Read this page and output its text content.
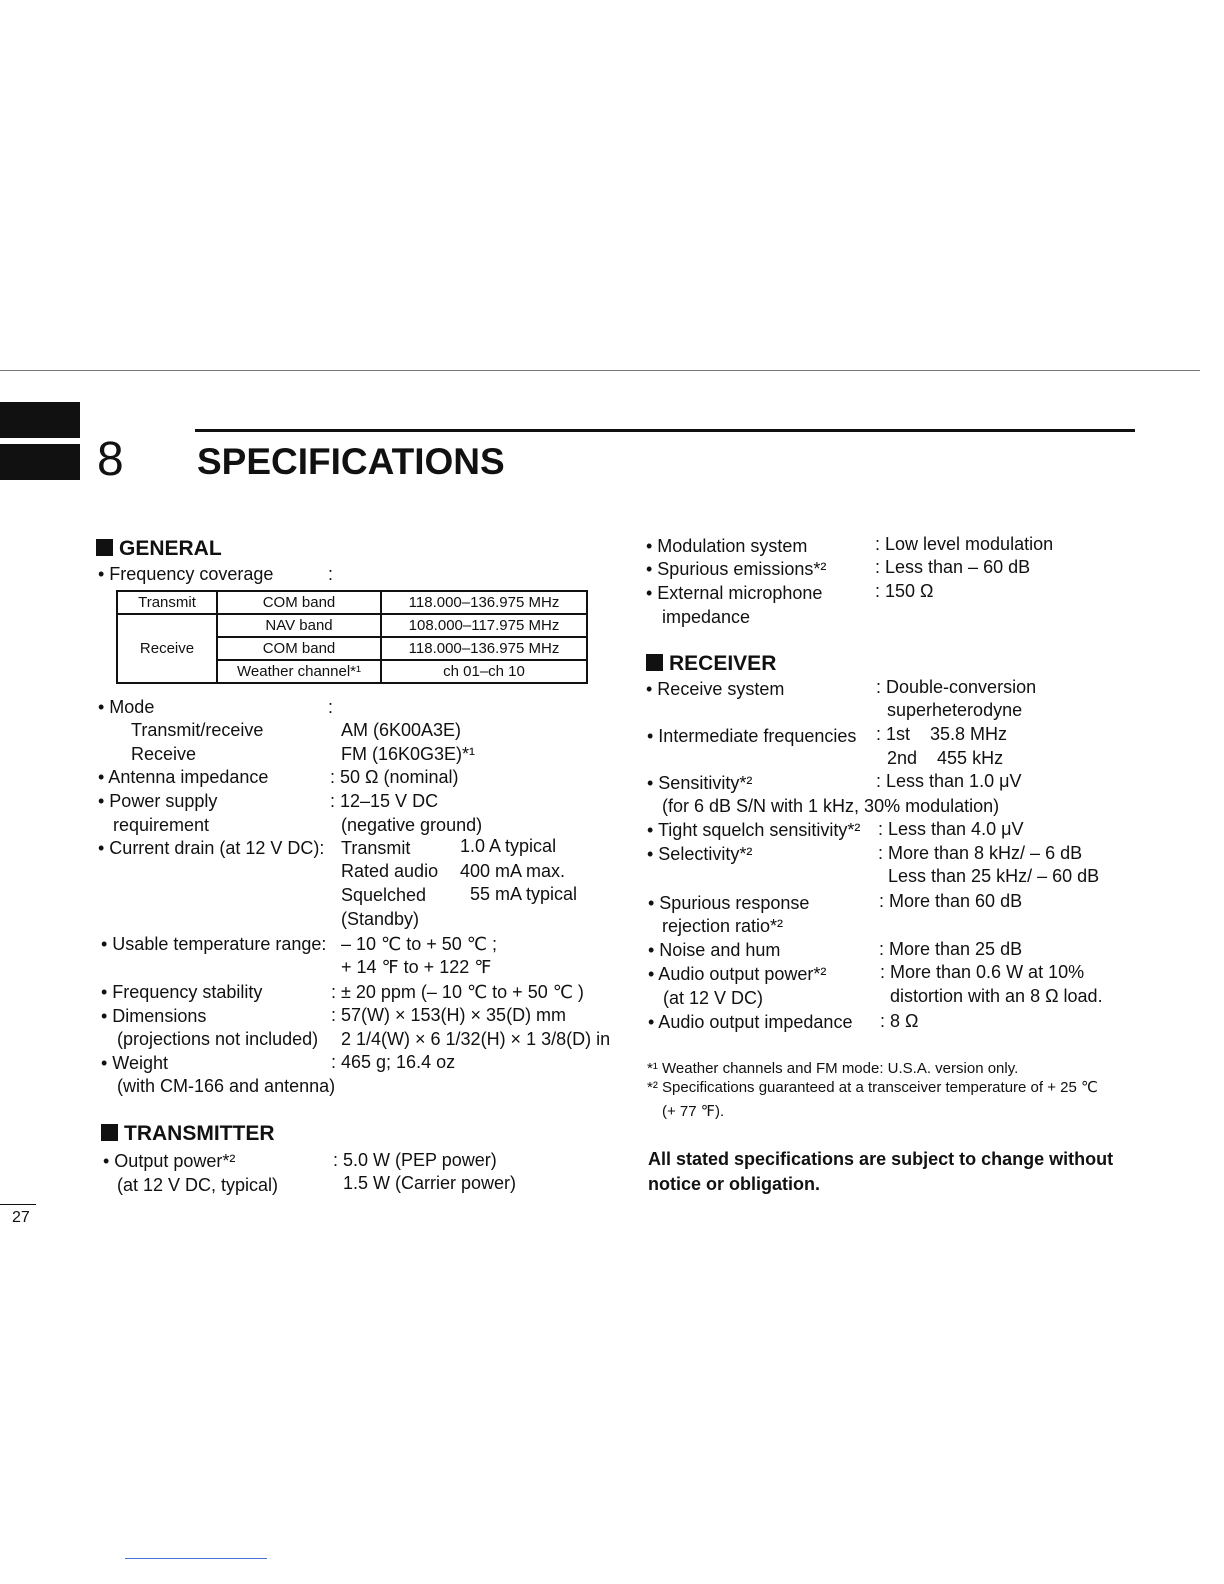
8 SPECIFICATIONS
27
GENERAL
• Frequency coverage	:
Transmit	COM band	118.000–136.975 MHz
Receive	NAV band	108.000–117.975 MHz
	COM band	118.000–136.975 MHz
	Weather channel*¹	ch 01–ch 10
• Mode	:
Transmit/receive	AM (6K00A3E)
Receive	FM (16K0G3E)*¹
• Antenna impedance	: 50 Ω (nominal)
• Power supply
requirement
: 12–15 V DC
(negative ground)
• Current drain (at 12 V DC): Transmit	1.0 A typical
Rated audio 400 mA max.
Squelched 55 mA typical
(Standby)
• Usable temperature range: – 10 ℃ to + 50 ℃ ;
+ 14 ℉ to + 122 ℉
• Frequency stability	: ± 20 ppm (– 10 ℃ to + 50 ℃ )
• Dimensions
(projections not included)
: 57(W) × 153(H) × 35(D) mm
2 1/4(W) × 6 1/32(H) × 1 3/8(D) in
• Weight
(with CM-166 and antenna)
: 465 g; 16.4 oz
TRANSMITTER
• Output power*²
(at 12 V DC, typical)
: 5.0 W (PEP power)
1.5 W (Carrier power)
• Modulation system	: Low level modulation
• Spurious emissions*²	: Less than – 60 dB
• External microphone
impedance
: 150 Ω
RECEIVER
• Receive system	: Double-conversion
superheterodyne
• Intermediate frequencies : 1st    35.8 MHz
2nd    455 kHz
• Sensitivity*²	: Less than 1.0 μV
(for 6 dB S/N with 1 kHz, 30% modulation)
• Tight squelch sensitivity*² : Less than 4.0 μV
• Selectivity*²	: More than 8 kHz/ – 6 dB
Less than 25 kHz/ – 60 dB
• Spurious response
rejection ratio*²
: More than 60 dB
• Noise and hum	: More than 25 dB
• Audio output power*²
(at 12 V DC)
: More than 0.6 W at 10%
distortion with an 8 Ω load.
• Audio output impedance : 8 Ω
*¹ Weather channels and FM mode: U.S.A. version only.
*² Specifications guaranteed at a transceiver temperature of + 25 ℃
(+ 77 ℉).
All stated specifications are subject to change without
notice or obligation.
